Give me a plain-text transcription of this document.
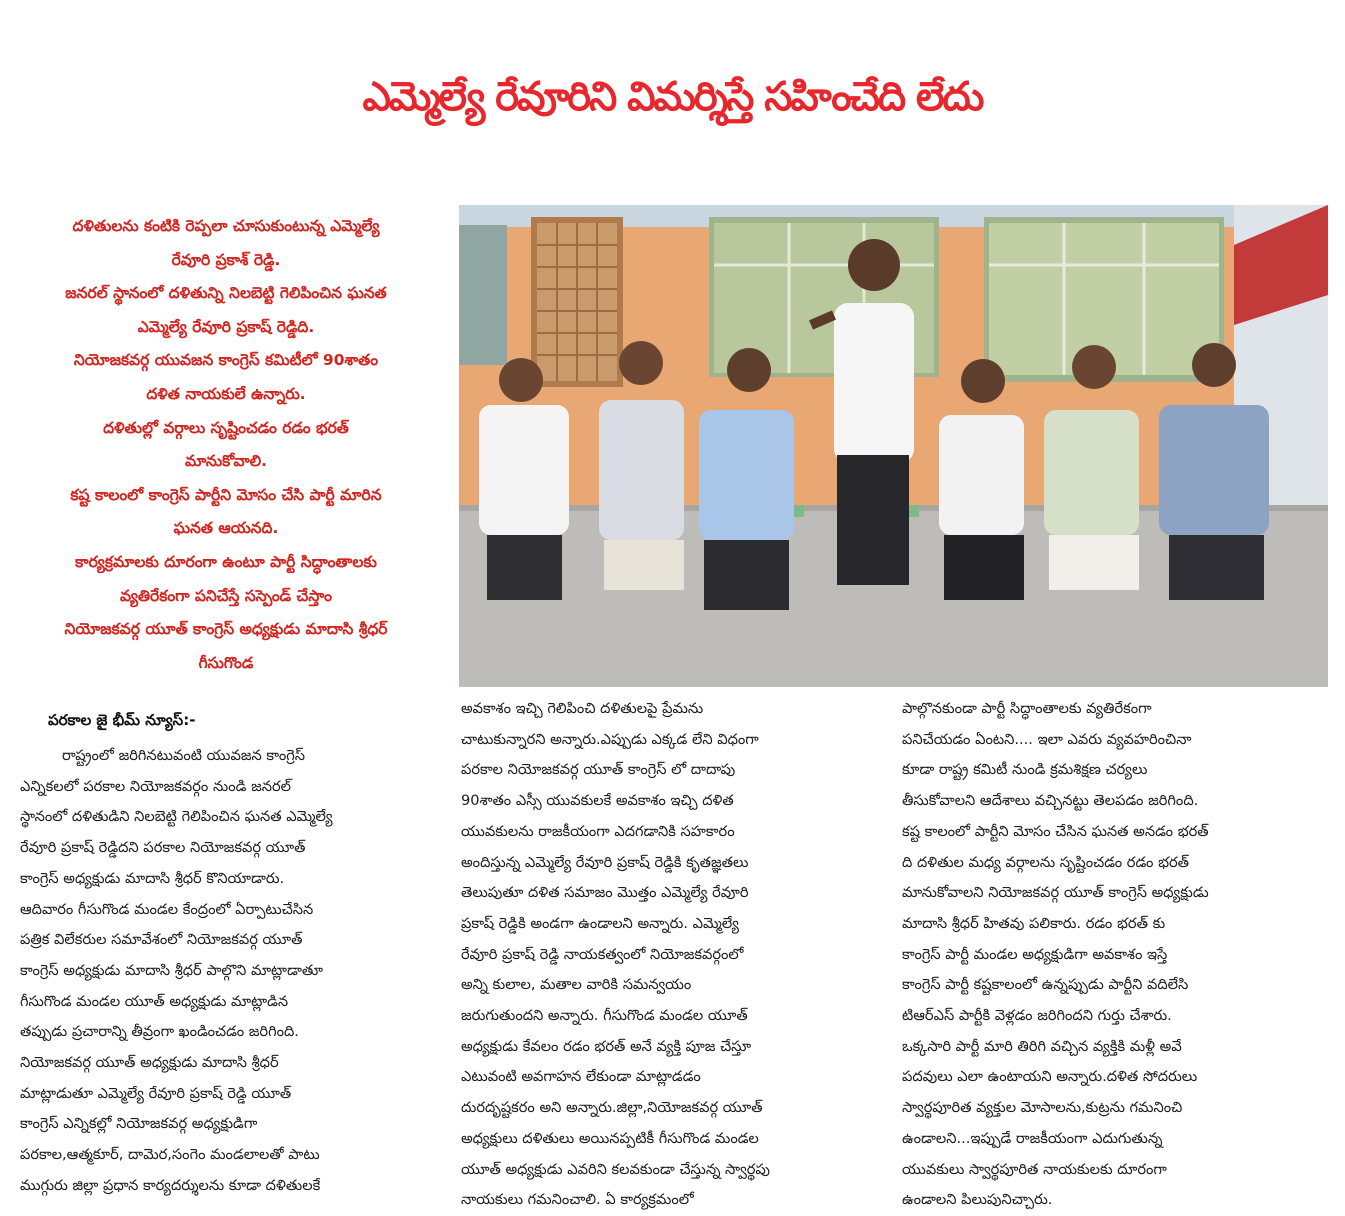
ఎమ్మెల్యే రేవూరిని విమర్శిస్తే సహించేది లేదు
దళితులను కంటికి రెప్పలా చూసుకుంటున్న ఎమ్మెల్యే
రేవూరి ప్రకాశ్ రెడ్డి.
జనరల్ స్థానంలో దళితున్ని నిలబెట్టి గెలిపించిన ఘనత
ఎమ్మెల్యే రేవూరి ప్రకాష్ రెడ్డిది.
నియోజకవర్గ యువజన కాంగ్రెస్ కమిటీలో 90శాతం
దళిత నాయకులే ఉన్నారు.
దళితుల్లో వర్గాలు సృష్టించడం రడం భరత్
మానుకోవాలి.
కష్ట కాలంలో కాంగ్రెస్ పార్టీని మోసం చేసి పార్టీ మారిన
ఘనత ఆయనది.
కార్యక్రమాలకు దూరంగా ఉంటూ పార్టీ సిద్ధాంతాలకు
వ్యతిరేకంగా పనిచేస్తే సస్పెండ్ చేస్తాం
నియోజకవర్గ యూత్ కాంగ్రెస్ అధ్యక్షుడు మాదాసి శ్రీధర్
గీసుగొండ
పరకాల జై భీమ్ న్యూస్:-
రాష్ట్రంలో జరిగినటువంటి యువజన కాంగ్రెస్
ఎన్నికలలో పరకాల నియోజకవర్గం నుండి జనరల్
స్థానంలో దళితుడిని నిలబెట్టి గెలిపించిన ఘనత ఎమ్మెల్యే
రేవూరి ప్రకాష్ రెడ్డిదని పరకాల నియోజకవర్గ యూత్
కాంగ్రెస్ అధ్యక్షుడు మాదాసి శ్రీధర్ కొనియాడారు.
ఆదివారం గీసుగొండ మండల కేంద్రంలో ఏర్పాటుచేసిన
పత్రిక విలేకరుల సమావేశంలో నియోజకవర్గ యూత్
కాంగ్రెస్ అధ్యక్షుడు మాదాసి శ్రీధర్ పాల్గొని మాట్లాడాతూ
గీసుగొండ మండల యూత్ అధ్యక్షుడు మాట్లాడిన
తప్పుడు ప్రచారాన్ని తీవ్రంగా ఖండించడం జరిగింది.
నియోజకవర్గ యూత్ అధ్యక్షుడు మాదాసి శ్రీధర్
మాట్లాడుతూ ఎమ్మెల్యే రేవూరి ప్రకాష్ రెడ్డి యూత్
కాంగ్రెస్ ఎన్నికల్లో నియోజకవర్గ అధ్యక్షుడిగా
పరకాల,ఆత్మకూర్, దామెర,సంగెం మండలాలతో పాటు
ముగ్గురు జిల్లా ప్రధాన కార్యదర్శులను కూడా దళితులకే
అవకాశం ఇచ్చి గెలిపించి దళితులపై ప్రేమను
చాటుకున్నారని అన్నారు.ఎప్పుడు ఎక్కడ లేని విధంగా
పరకాల నియోజకవర్గ యూత్ కాంగ్రెస్ లో దాదాపు
90శాతం ఎస్సీ యువకులకే అవకాశం ఇచ్చి దళిత
యువకులను రాజకీయంగా ఎదగడానికి సహకారం
అందిస్తున్న ఎమ్మెల్యే రేవూరి ప్రకాష్ రెడ్డికి కృతజ్ఞతలు
తెలుపుతూ దళిత సమాజం మొత్తం ఎమ్మెల్యే రేవూరి
ప్రకాష్ రెడ్డికి అండగా ఉండాలని అన్నారు. ఎమ్మెల్యే
రేవూరి ప్రకాష్ రెడ్డి నాయకత్వంలో నియోజకవర్గంలో
అన్ని కులాల, మతాల వారికి సమన్వయం
జరుగుతుందని అన్నారు. గీసుగొండ మండల యూత్
అధ్యక్షుడు కేవలం రడం భరత్ అనే వ్యక్తి పూజ చేస్తూ
ఎటువంటి అవగాహన లేకుండా మాట్లాడడం
దురదృష్టకరం అని అన్నారు.జిల్లా,నియోజకవర్గ యూత్
అధ్యక్షులు దళితులు అయినప్పటికీ గీసుగొండ మండల
యూత్ అధ్యక్షుడు ఎవరిని కలవకుండా చేస్తున్న స్వార్థపు
నాయకులు గమనించాలి. ఏ కార్యక్రమంలో
పాల్గొనకుండా పార్టీ సిద్ధాంతాలకు వ్యతిరేకంగా
పనిచేయడం ఏంటని.... ఇలా ఎవరు వ్యవహరించినా
కూడా రాష్ట్ర కమిటీ నుండి క్రమశిక్షణ చర్యలు
తీసుకోవాలని ఆదేశాలు వచ్చినట్టు తెలపడం జరిగింది.
కష్ట కాలంలో పార్టీని మోసం చేసిన ఘనత అనడం భరత్
ది దళితుల మధ్య వర్గాలను సృష్టించడం రడం భరత్
మానుకోవాలని నియోజకవర్గ యూత్ కాంగ్రెస్ అధ్యక్షుడు
మాదాసి శ్రీధర్ హితవు పలికారు. రడం భరత్ కు
కాంగ్రెస్ పార్టీ మండల అధ్యక్షుడిగా అవకాశం ఇస్తే
కాంగ్రెస్ పార్టీ కష్టకాలంలో ఉన్నప్పుడు పార్టీని వదిలేసి
టిఆర్ఎస్ పార్టీకి వెళ్లడం జరిగిందని గుర్తు చేశారు.
ఒక్కసారి పార్టీ మారి తిరిగి వచ్చిన వ్యక్తికి మళ్లీ అవే
పదవులు ఎలా ఉంటాయని అన్నారు.దళిత సోదరులు
స్వార్థపూరిత వ్యక్తుల మోసాలను,కుట్రను గమనించి
ఉండాలని...ఇప్పుడే రాజకీయంగా ఎదుగుతున్న
యువకులు స్వార్థపూరిత నాయకులకు దూరంగా
ఉండాలని పిలుపునిచ్చారు.
